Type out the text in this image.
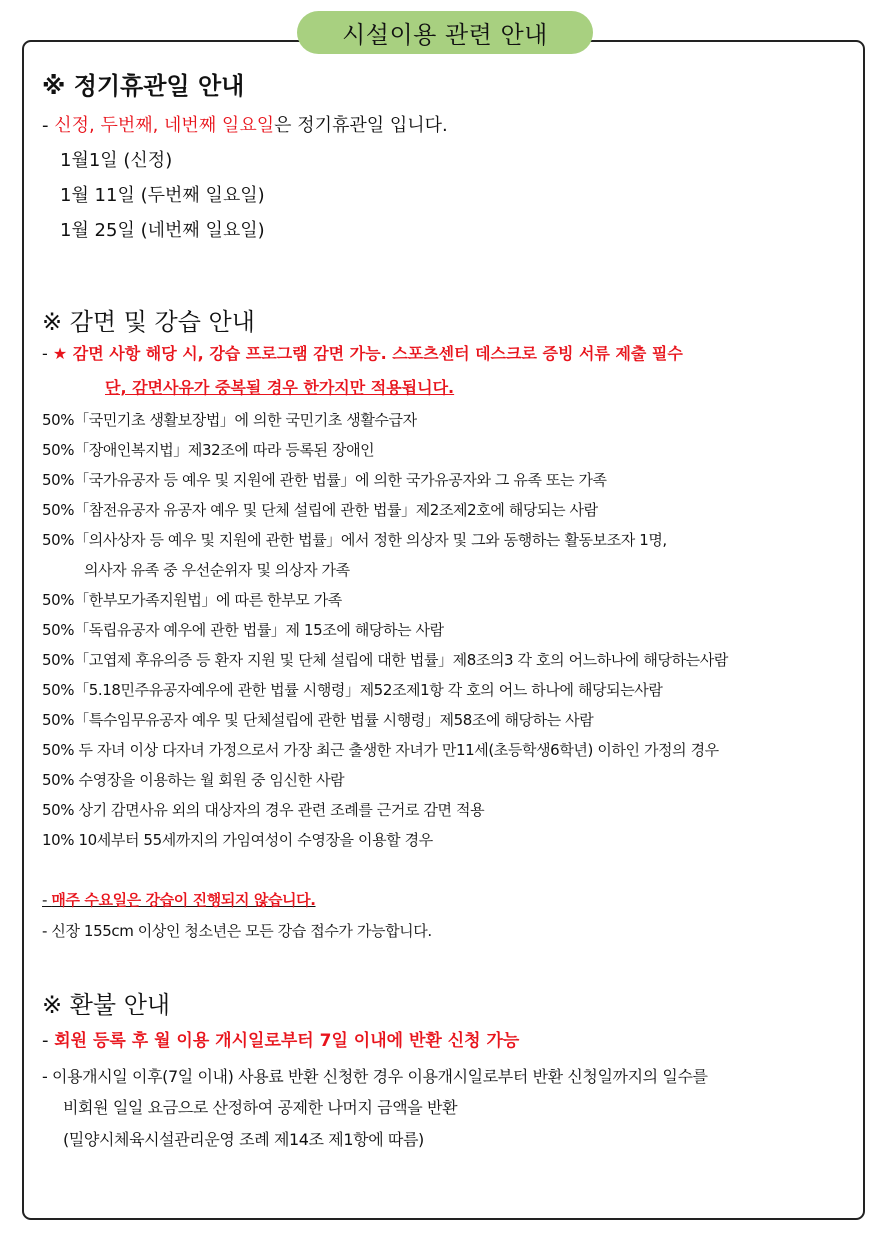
시설이용 관련 안내
※ 정기휴관일 안내
- 신정, 두번째, 네번째 일요일은 정기휴관일 입니다.
1월1일 (신정)
1월 11일 (두번째 일요일)
1월 25일 (네번째 일요일)
※ 감면 및 강습 안내
- ★ 감면 사항 해당 시, 강습 프로그램 감면 가능. 스포츠센터 데스크로 증빙 서류 제출 필수
단, 감면사유가 중복될 경우 한가지만 적용됩니다.
50%「국민기초 생활보장법」에 의한 국민기초 생활수급자
50%「장애인복지법」제32조에 따라 등록된 장애인
50%「국가유공자 등 예우 및 지원에 관한 법률」에 의한 국가유공자와 그 유족 또는 가족
50%「참전유공자 유공자 예우 및 단체 설립에 관한 법률」제2조제2호에 해당되는 사람
50%「의사상자 등 예우 및 지원에 관한 법률」에서 정한 의상자 및 그와 동행하는 활동보조자 1명,
의사자 유족 중 우선순위자 및 의상자 가족
50%「한부모가족지원법」에 따른 한부모 가족
50%「독립유공자 예우에 관한 법률」제 15조에 해당하는 사람
50%「고엽제 후유의증 등 환자 지원 및 단체 설립에 대한 법률」제8조의3 각 호의 어느하나에 해당하는사람
50%「5.18민주유공자예우에 관한 법률 시행령」제52조제1항 각 호의 어느 하나에 해당되는사람
50%「특수임무유공자 예우 및 단체설립에 관한 법률 시행령」제58조에 해당하는 사람
50% 두 자녀 이상 다자녀 가정으로서 가장 최근 출생한 자녀가 만11세(초등학생6학년) 이하인 가정의 경우
50% 수영장을 이용하는 월 회원 중 임신한 사람
50% 상기 감면사유 외의 대상자의 경우 관련 조례를 근거로 감면 적용
10% 10세부터 55세까지의 가임여성이 수영장을 이용할 경우
- 매주 수요일은 강습이 진행되지 않습니다.
- 신장 155cm 이상인 청소년은 모든 강습 접수가 가능합니다.
※ 환불 안내
- 회원 등록 후 월 이용 개시일로부터 7일 이내에 반환 신청 가능
- 이용개시일 이후(7일 이내) 사용료 반환 신청한 경우 이용개시일로부터 반환 신청일까지의 일수를
비회원 일일 요금으로 산정하여 공제한 나머지 금액을 반환
(밀양시체육시설관리운영 조례 제14조 제1항에 따름)
